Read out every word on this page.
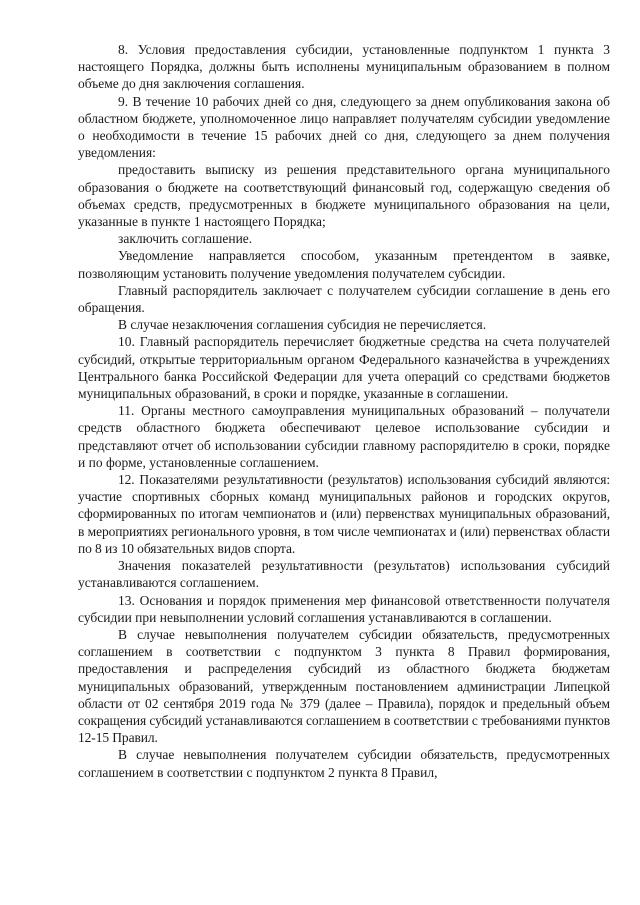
8. Условия предоставления субсидии, установленные подпунктом 1 пункта 3 настоящего Порядка, должны быть исполнены муниципальным образованием в полном объеме до дня заключения соглашения.

9. В течение 10 рабочих дней со дня, следующего за днем опубликования закона об областном бюджете, уполномоченное лицо направляет получателям субсидии уведомление о необходимости в течение 15 рабочих дней со дня, следующего за днем получения уведомления:

предоставить выписку из решения представительного органа муниципального образования о бюджете на соответствующий финансовый год, содержащую сведения об объемах средств, предусмотренных в бюджете муниципального образования на цели, указанные в пункте 1 настоящего Порядка;

заключить соглашение.

Уведомление направляется способом, указанным претендентом в заявке, позволяющим установить получение уведомления получателем субсидии.

Главный распорядитель заключает с получателем субсидии соглашение в день его обращения.

В случае незаключения соглашения субсидия не перечисляется.

10. Главный распорядитель перечисляет бюджетные средства на счета получателей субсидий, открытые территориальным органом Федерального казначейства в учреждениях Центрального банка Российской Федерации для учета операций со средствами бюджетов муниципальных образований, в сроки и порядке, указанные в соглашении.

11. Органы местного самоуправления муниципальных образований – получатели средств областного бюджета обеспечивают целевое использование субсидии и представляют отчет об использовании субсидии главному распорядителю в сроки, порядке и по форме, установленные соглашением.

12. Показателями результативности (результатов) использования субсидий являются: участие спортивных сборных команд муниципальных районов и городских округов, сформированных по итогам чемпионатов и (или) первенствах муниципальных образований, в мероприятиях регионального уровня, в том числе чемпионатах и (или) первенствах области по 8 из 10 обязательных видов спорта.

Значения показателей результативности (результатов) использования субсидий устанавливаются соглашением.

13. Основания и порядок применения мер финансовой ответственности получателя субсидии при невыполнении условий соглашения устанавливаются в соглашении.

В случае невыполнения получателем субсидии обязательств, предусмотренных соглашением в соответствии с подпунктом 3 пункта 8 Правил формирования, предоставления и распределения субсидий из областного бюджета бюджетам муниципальных образований, утвержденным постановлением администрации Липецкой области от 02 сентября 2019 года № 379 (далее – Правила), порядок и предельный объем сокращения субсидий устанавливаются соглашением в соответствии с требованиями пунктов 12-15 Правил.

В случае невыполнения получателем субсидии обязательств, предусмотренных соглашением в соответствии с подпунктом 2 пункта 8 Правил,
